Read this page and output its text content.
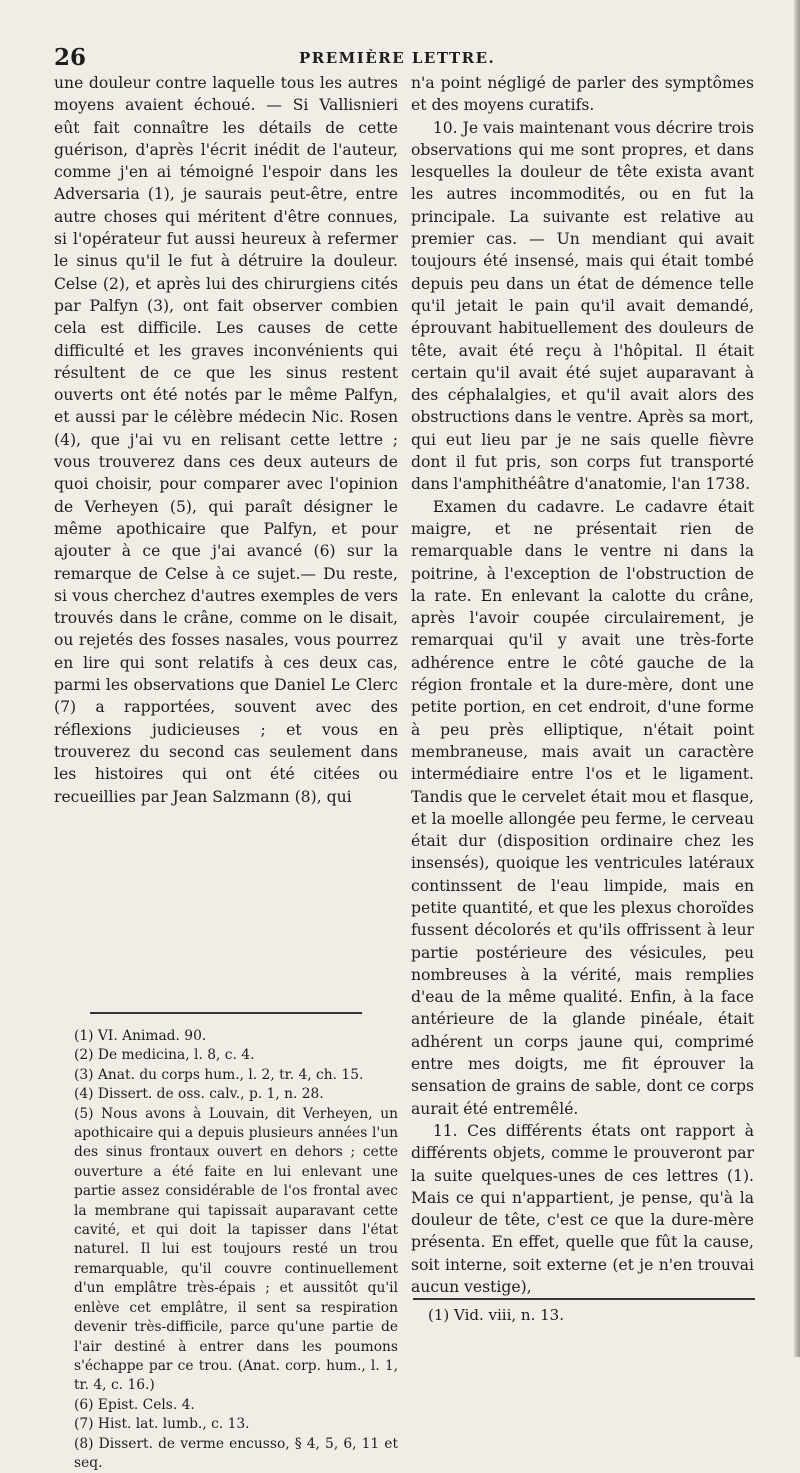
26	PREMIÈRE LETTRE.

une douleur contre laquelle tous les autres moyens avaient échoué. — Si Vallisnieri eût fait connaître les détails de cette guérison, d'après l'écrit inédit de l'auteur, comme j'en ai témoigné l'espoir dans les Adversaria (1), je saurais peut-être, entre autre choses qui méritent d'être connues, si l'opérateur fut aussi heureux à refermer le sinus qu'il le fut à détruire la douleur. Celse (2), et après lui des chirurgiens cités par Palfyn (3), ont fait observer combien cela est difficile. Les causes de cette difficulté et les graves inconvénients qui résultent de ce que les sinus restent ouverts ont été notés par le même Palfyn, et aussi par le célèbre médecin Nic. Rosen (4), que j'ai vu en relisant cette lettre ; vous trouverez dans ces deux auteurs de quoi choisir, pour comparer avec l'opinion de Verheyen (5), qui paraît désigner le même apothicaire que Palfyn, et pour ajouter à ce que j'ai avancé (6) sur la remarque de Celse à ce sujet.— Du reste, si vous cherchez d'autres exemples de vers trouvés dans le crâne, comme on le disait, ou rejetés des fosses nasales, vous pourrez en lire qui sont relatifs à ces deux cas, parmi les observations que Daniel Le Clerc (7) a rapportées, souvent avec des réflexions judicieuses ; et vous en trouverez du second cas seulement dans les histoires qui ont été citées ou recueillies par Jean Salzmann (8), qui

(1) VI. Animad. 90.

(2) De medicina, l. 8, c. 4.

(3) Anat. du corps hum., l. 2, tr. 4, ch. 15.

(4) Dissert. de oss. calv., p. 1, n. 28.

(5) Nous avons à Louvain, dit Verheyen, un apothicaire qui a depuis plusieurs années l'un des sinus frontaux ouvert en dehors ; cette ouverture a été faite en lui enlevant une partie assez considérable de l'os frontal avec la membrane qui tapissait auparavant cette cavité, et qui doit la tapisser dans l'état naturel. Il lui est toujours resté un trou remarquable, qu'il couvre continuellement d'un emplâtre très-épais ; et aussitôt qu'il enlève cet emplâtre, il sent sa respiration devenir très-difficile, parce qu'une partie de l'air destiné à entrer dans les poumons s'échappe par ce trou. (Anat. corp. hum., l. 1, tr. 4, c. 16.)

(6) Epist. Cels. 4.

(7) Hist. lat. lumb., c. 13.

(8) Dissert. de verme encusso, § 4, 5, 6, 11 et seq.

n'a point négligé de parler des symptômes et des moyens curatifs.

10. Je vais maintenant vous décrire trois observations qui me sont propres, et dans lesquelles la douleur de tête exista avant les autres incommodités, ou en fut la principale. La suivante est relative au premier cas. — Un mendiant qui avait toujours été insensé, mais qui était tombé depuis peu dans un état de démence telle qu'il jetait le pain qu'il avait demandé, éprouvant habituellement des douleurs de tête, avait été reçu à l'hôpital. Il était certain qu'il avait été sujet auparavant à des céphalalgies, et qu'il avait alors des obstructions dans le ventre. Après sa mort, qui eut lieu par je ne sais quelle fièvre dont il fut pris, son corps fut transporté dans l'amphithéâtre d'anatomie, l'an 1738.

Examen du cadavre. Le cadavre était maigre, et ne présentait rien de remarquable dans le ventre ni dans la poitrine, à l'exception de l'obstruction de la rate. En enlevant la calotte du crâne, après l'avoir coupée circulairement, je remarquai qu'il y avait une très-forte adhérence entre le côté gauche de la région frontale et la dure-mère, dont une petite portion, en cet endroit, d'une forme à peu près elliptique, n'était point membraneuse, mais avait un caractère intermédiaire entre l'os et le ligament. Tandis que le cervelet était mou et flasque, et la moelle allongée peu ferme, le cerveau était dur (disposition ordinaire chez les insensés), quoique les ventricules latéraux continssent de l'eau limpide, mais en petite quantité, et que les plexus choroïdes fussent décolorés et qu'ils offrissent à leur partie postérieure des vésicules, peu nombreuses à la vérité, mais remplies d'eau de la même qualité. Enfin, à la face antérieure de la glande pinéale, était adhérent un corps jaune qui, comprimé entre mes doigts, me fit éprouver la sensation de grains de sable, dont ce corps aurait été entremêlé.

11. Ces différents états ont rapport à différents objets, comme le prouveront par la suite quelques-unes de ces lettres (1). Mais ce qui n'appartient, je pense, qu'à la douleur de tête, c'est ce que la dure-mère présenta. En effet, quelle que fût la cause, soit interne, soit externe (et je n'en trouvai aucun vestige),

(1) Vid. viii, n. 13.
